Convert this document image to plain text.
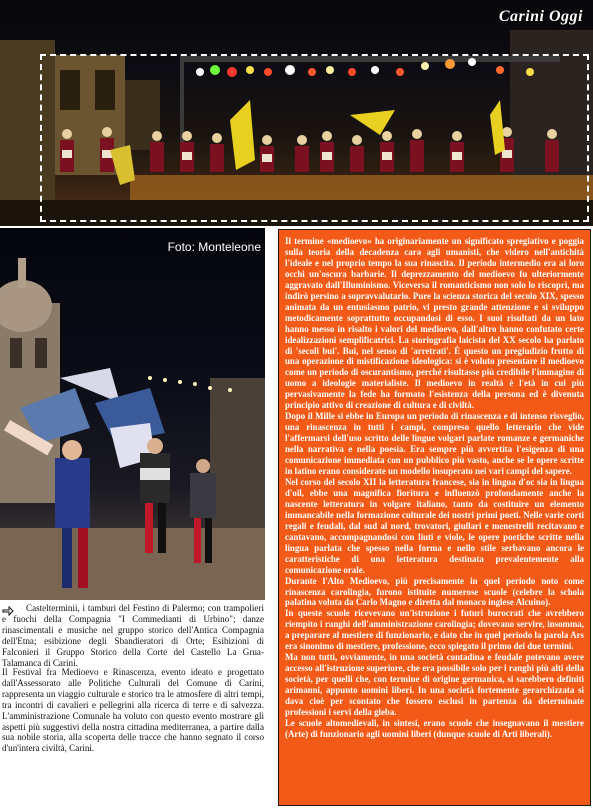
Carini Oggi
Foto: Monteleone

Castelterminii, i tamburi del Festino di Palermo; con trampolieri e fuochi della Compagnia "I Commedianti di Urbino"; danze rinascimentali e musiche nel gruppo storico dell'Antica Compagnia dell'Etna; esibizione degli Sbandieratori di Orte; Esibizioni di Falconieri il Gruppo Storico della Corte del Castello La Grua-Talamanca di Carini.

Il Festival fra Medioevo e Rinascenza, evento ideato e progettato dall'Assessorato alle Politiche Culturali del Comune di Carini, rappresenta un viaggio culturale e storico tra le atmosfere di altri tempi, tra incontri di cavalieri e pellegrini alla ricerca di terre e di salvezza. L'amministrazione Comunale ha voluto con questo evento mostrare gli aspetti più suggestivi della nostra cittadina mediterranea, a partire dalla sua nobile storia, alla scoperta delle tracce che hanno segnato il corso d'un'intera civiltà, Carini.

Il termine «medioevo» ha originariamente un significato spregiativo e poggia sulla teoria della decadenza cara agli umanisti, che videro nell'antichità l'ideale e nel proprio tempo la sua rinascita. Il periodo intermedio era ai loro occhi un'oscura barbarie. Il deprezzamento del medioevo fu ulteriormente aggravato dall'Illuminismo. Viceversa il romanticismo non solo lo riscoprì, ma indirò persino a sopravvalutarlo. Pure la scienza storica del secolo XIX, spesso animata da un entusiasmo patrio, vi presto grande attenzione e si sviluppo metodicamente soprattutto occupandosi di esso. I suoi risultati da un lato hanno messo in risalto i valori del medioevo, dall'altro hanno confutato certe idealizzazioni semplificatrici. La storiografia laicista del XX secolo ha parlato di 'secoli bui'. Bui, nel senso di 'arretrati'. È questo un pregiudizio frutto di una operazione di mistificazione ideologica: si è voluto presentare il medioevo come un periodo di oscurantismo, perché risultasse più credibile l'immagine di uomo a ideologie materialiste. Il medioevo in realtà è l'età in cui più pervasivamente la fede ha formato l'esistenza della persona ed è divenuta principio attivo di creazione di cultura e di civiltà.

Dopo il Mille si ebbe in Europa un periodo di rinascenza e di intenso risveglio, una rinascenza in tutti i campi, compreso quello letterario che vide l'affermarsi dell'uso scritto delle lingue volgari parlate romanze e germaniche nella narrativa e nella poesia. Era sempre più avvertita l'esigenza di una comunicazione immediata con un pubblico più vasto, anche se le opere scritte in latino erano considerate un modello insuperato nei vari campi del sapere.

Nel corso del secolo XII la letteratura francese, sia in lingua d'oc sia in lingua d'oil, ebbe una magnifica fioritura e influenzò profondamente anche la nascente letteratura in volgare italiano, tanto da costituire un elemento immancabile nella formazione culturale dei nostri primi poeti. Nelle varie corti regali e feudali, dal sud al nord, trovatori, giullari e menestrelli recitavano e cantavano, accompagnandosi con liuti e viole, le opere poetiche scritte nella lingua parlata che spesso nella forma e nello stile serbavano ancora le caratteristiche di una letteratura destinata prevalentemente alla comunicazione orale.

Durante l'Alto Medioevo, più precisamente in quel periodo noto come rinascenza carolingia, furono istituite numerose scuole (celebre la schola palatina voluta da Carlo Magno e diretta dal monaco inglese Alcuino).

In queste scuole ricevevano un'istruzione i futuri burocrati che avrebbero riempito i ranghi dell'amministrazione carolingia; dovevano servire, insomma, a preparare al mestiere di funzionario, e dato che in quel periodo la parola Ars era sinonimo di mestiere, professione, ecco spiegato il primo dei due termini.

Ma non tutti, ovviamente, in una società contadina e feudale potevano avere accesso all'istruzione superiore, che era possibile solo per i ranghi più alti della società, per quelli che, con termine di origine germanica, si sarebbero definiti arimanni, appunto uomini liberi. In una società fortemente gerarchizzata si dava cioè per scontato che fossero esclusi in partenza da determinate professioni i servi della gleba.

Le scuole altomedievali, in sintesi, erano scuole che insegnavano il mestiere (Arte) di funzionario agli uomini liberi (dunque scuole di Arti liberali).
